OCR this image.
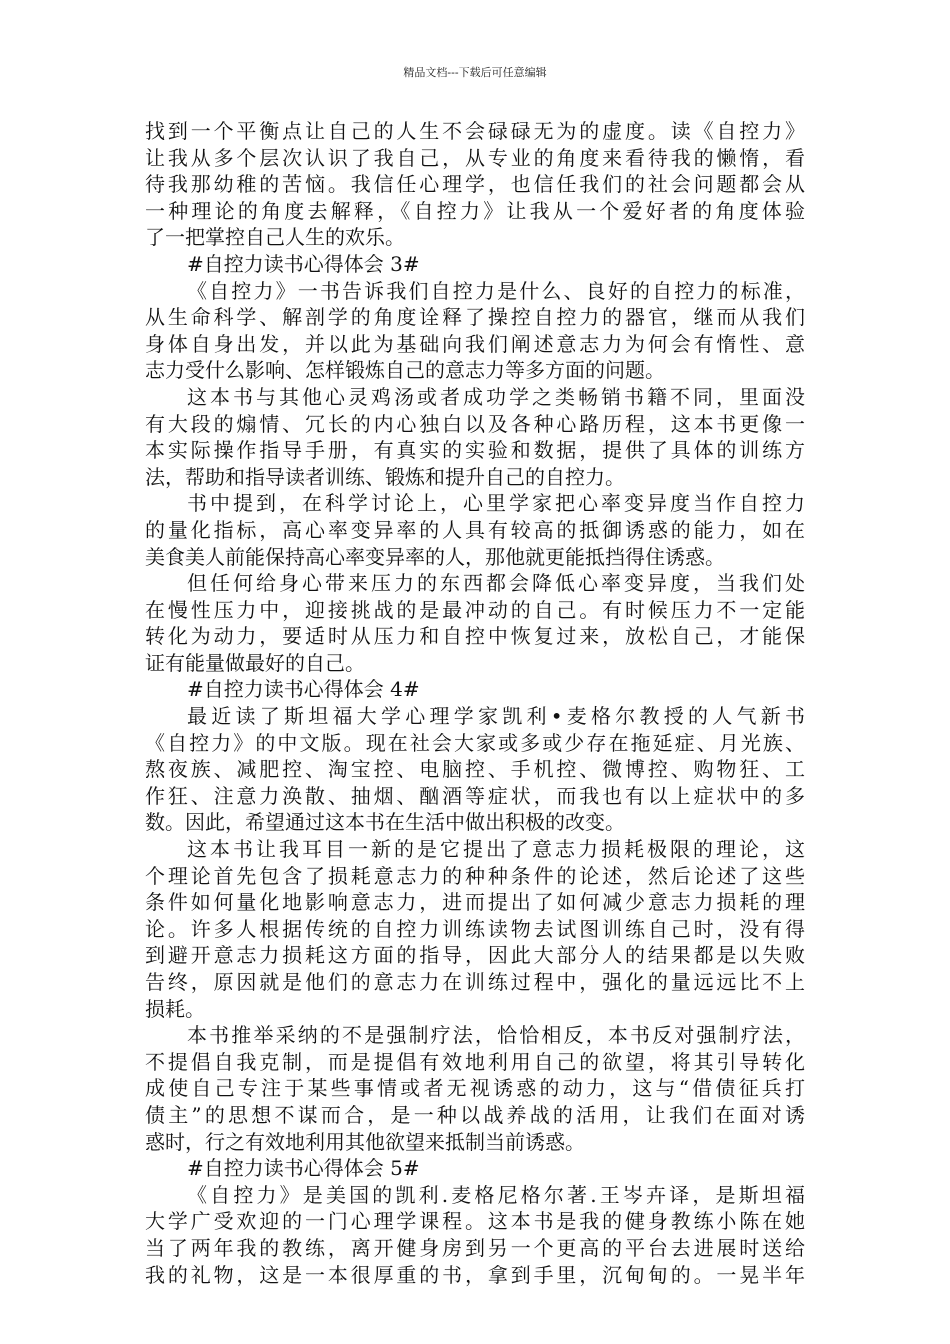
精品文档---下载后可任意编辑
找到一个平衡点让自己的人生不会碌碌无为的虚度。读《自控力》
让我从多个层次认识了我自己，从专业的角度来看待我的懒惰，看
待我那幼稚的苦恼。我信任心理学，也信任我们的社会问题都会从
一种理论的角度去解释，《自控力》让我从一个爱好者的角度体验
了一把掌控自己人生的欢乐。
#自控力读书心得体会 3#
《自控力》一书告诉我们自控力是什么、良好的自控力的标准，
从生命科学、解剖学的角度诠释了操控自控力的器官，继而从我们
身体自身出发，并以此为基础向我们阐述意志力为何会有惰性、意
志力受什么影响、怎样锻炼自己的意志力等多方面的问题。
这本书与其他心灵鸡汤或者成功学之类畅销书籍不同，里面没
有大段的煽情、冗长的内心独白以及各种心路历程，这本书更像一
本实际操作指导手册，有真实的实验和数据，提供了具体的训练方
法，帮助和指导读者训练、锻炼和提升自己的自控力。
书中提到，在科学讨论上，心里学家把心率变异度当作自控力
的量化指标，高心率变异率的人具有较高的抵御诱惑的能力，如在
美食美人前能保持高心率变异率的人，那他就更能抵挡得住诱惑。
但任何给身心带来压力的东西都会降低心率变异度，当我们处
在慢性压力中，迎接挑战的是最冲动的自己。有时候压力不一定能
转化为动力，要适时从压力和自控中恢复过来，放松自己，才能保
证有能量做最好的自己。
#自控力读书心得体会 4#
最近读了斯坦福大学心理学家凯利•麦格尔教授的人气新书
《自控力》的中文版。现在社会大家或多或少存在拖延症、月光族、
熬夜族、减肥控、淘宝控、电脑控、手机控、微博控、购物狂、工
作狂、注意力涣散、抽烟、酗酒等症状，而我也有以上症状中的多
数。因此，希望通过这本书在生活中做出积极的改变。
这本书让我耳目一新的是它提出了意志力损耗极限的理论，这
个理论首先包含了损耗意志力的种种条件的论述，然后论述了这些
条件如何量化地影响意志力，进而提出了如何减少意志力损耗的理
论。许多人根据传统的自控力训练读物去试图训练自己时，没有得
到避开意志力损耗这方面的指导，因此大部分人的结果都是以失败
告终，原因就是他们的意志力在训练过程中，强化的量远远比不上
损耗。
本书推举采纳的不是强制疗法，恰恰相反，本书反对强制疗法，
不提倡自我克制，而是提倡有效地利用自己的欲望，将其引导转化
成使自己专注于某些事情或者无视诱惑的动力，这与“借债征兵打
债主”的思想不谋而合，是一种以战养战的活用，让我们在面对诱
惑时，行之有效地利用其他欲望来抵制当前诱惑。
#自控力读书心得体会 5#
《自控力》是美国的凯利.麦格尼格尔著.王岑卉译，是斯坦福
大学广受欢迎的一门心理学课程。这本书是我的健身教练小陈在她
当了两年我的教练，离开健身房到另一个更高的平台去进展时送给
我的礼物，这是一本很厚重的书，拿到手里，沉甸甸的。一晃半年
